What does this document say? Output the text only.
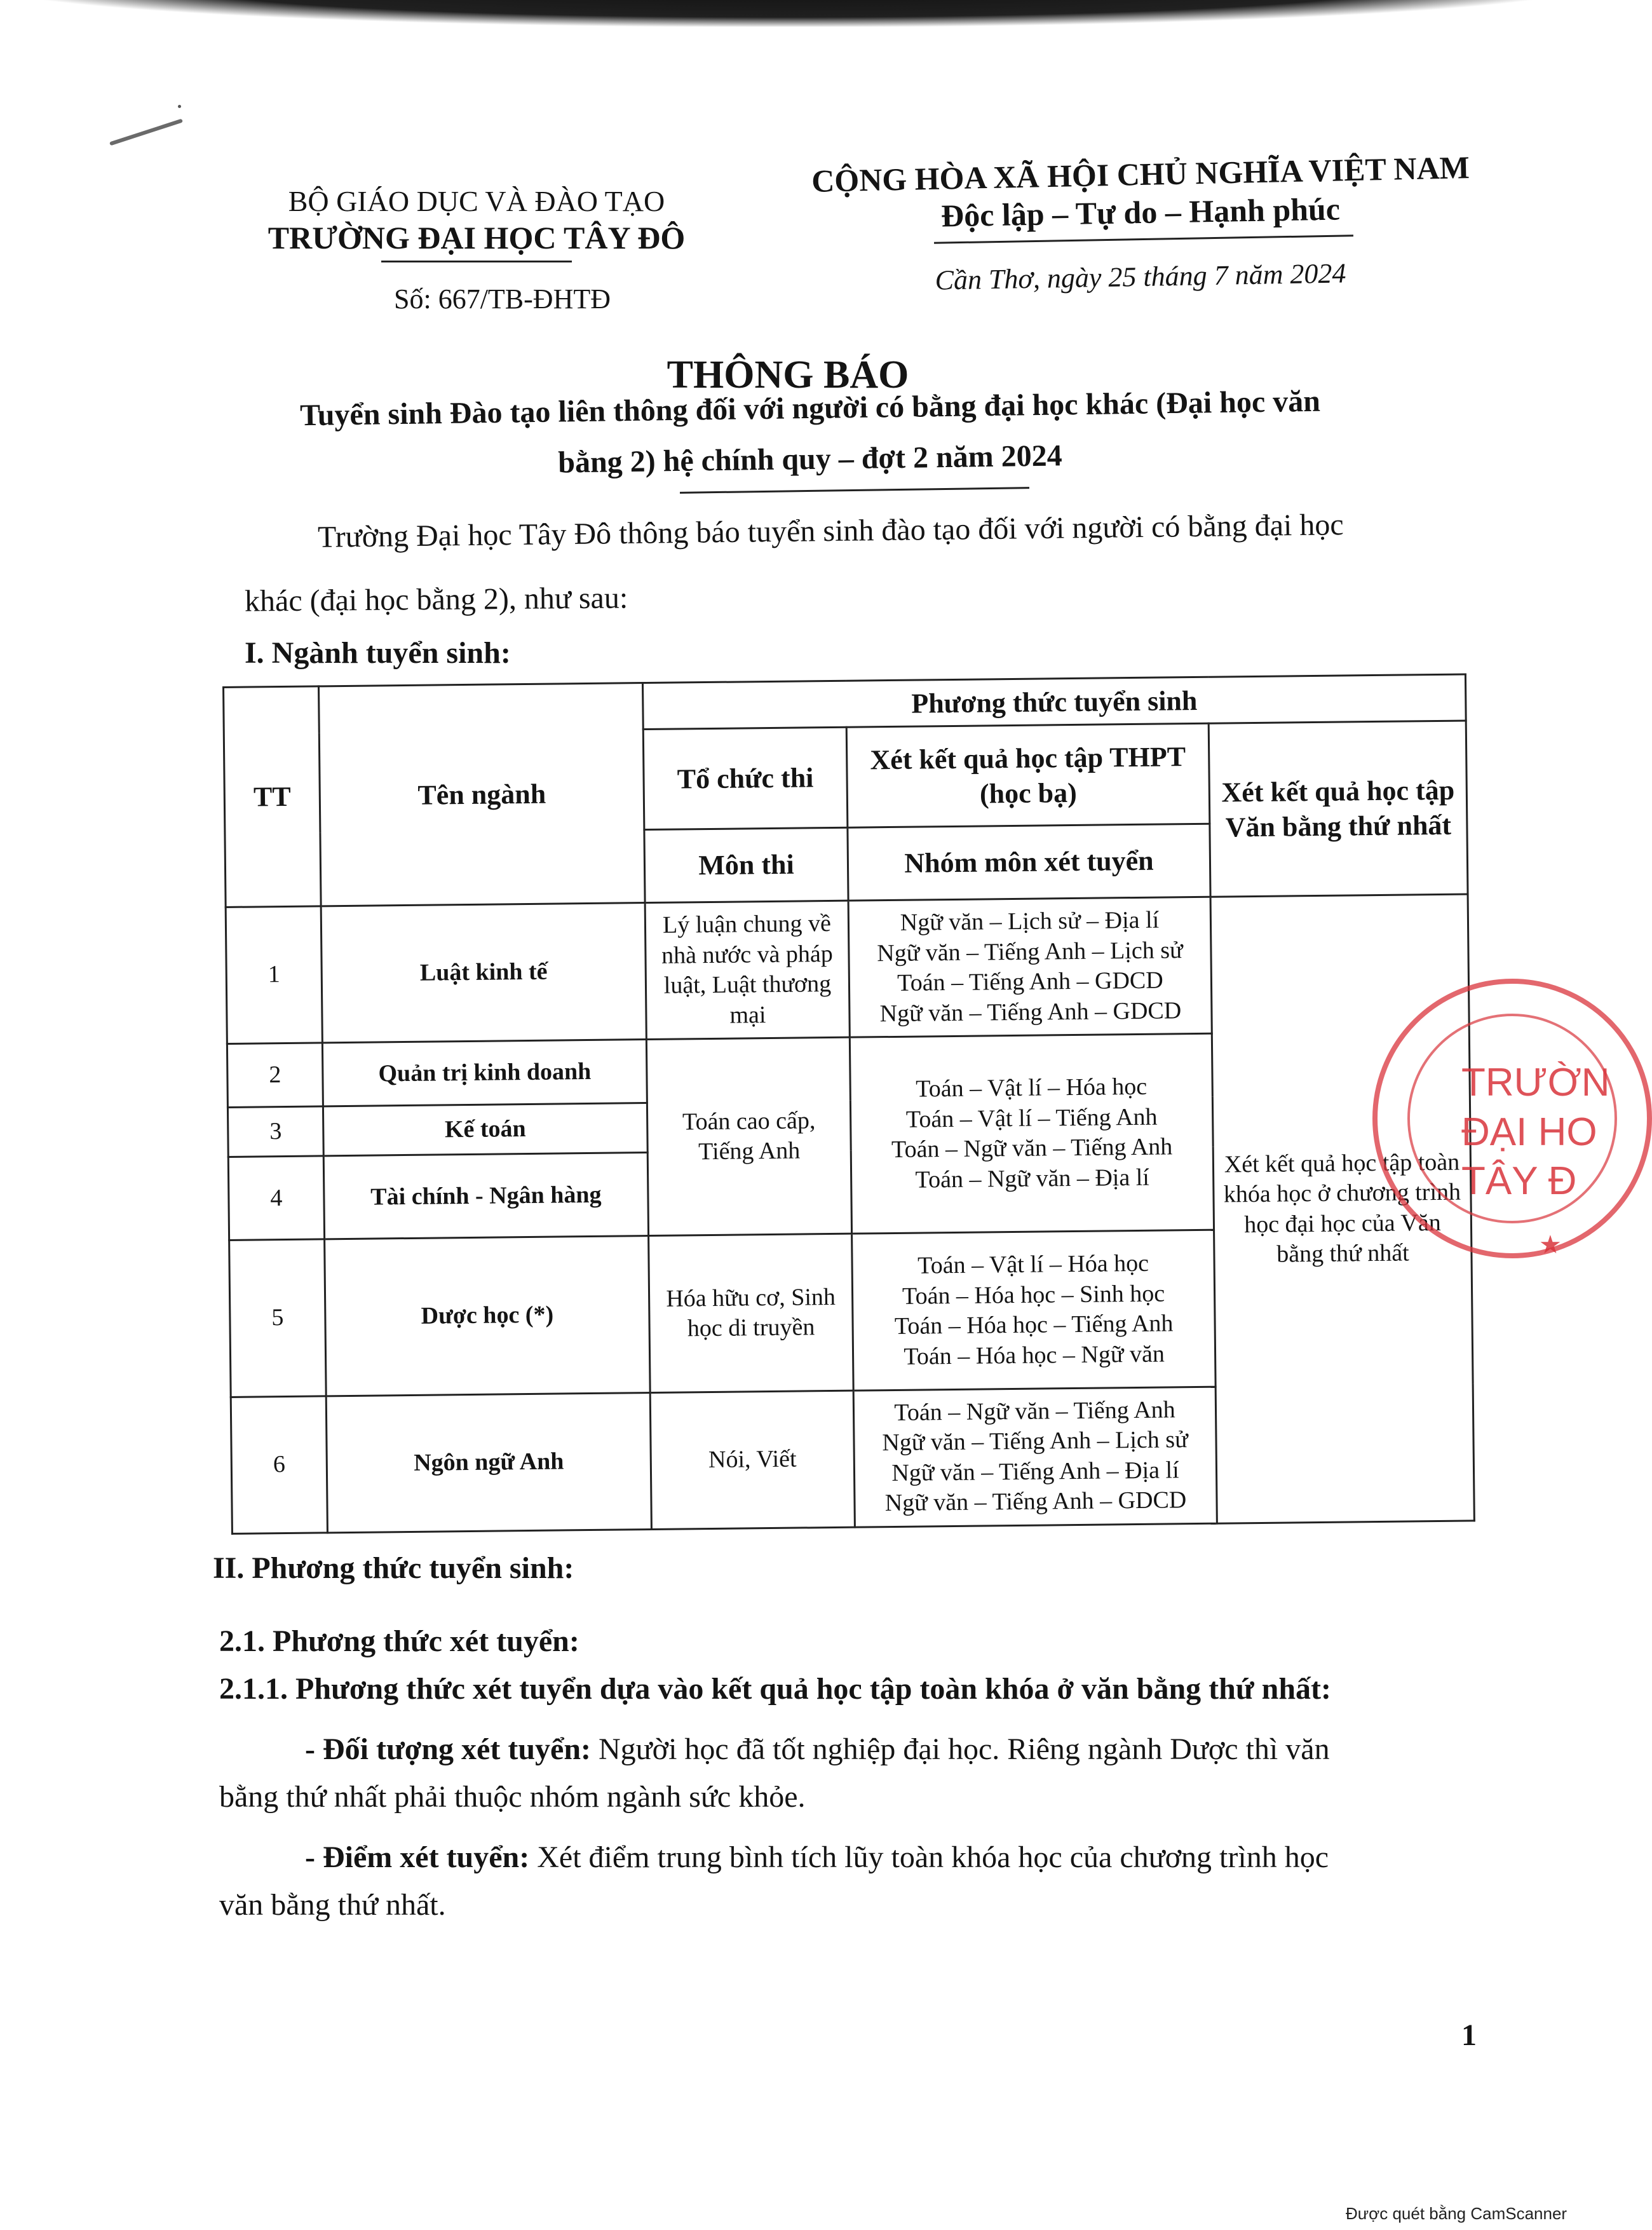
BỘ GIÁO DỤC VÀ ĐÀO TẠO
TRƯỜNG ĐẠI HỌC TÂY ĐÔ
Số: 667/TB-ĐHTĐ
CỘNG HÒA XÃ HỘI CHỦ NGHĨA VIỆT NAM
Độc lập – Tự do – Hạnh phúc
Cần Thơ, ngày 25 tháng 7 năm 2024
THÔNG BÁO
Tuyển sinh Đào tạo liên thông đối với người có bằng đại học khác (Đại học văn
bằng 2) hệ chính quy – đợt 2 năm 2024
Trường Đại học Tây Đô thông báo tuyển sinh đào tạo đối với người có bằng đại học
khác (đại học bằng 2), như sau:
I. Ngành tuyển sinh:
TT	Tên ngành	Phương thức tuyển sinh		
		Tổ chức thi	Xét kết quả học tập THPT (học bạ)	Xét kết quả học tập Văn bằng thứ nhất
		Môn thi	Nhóm môn xét tuyển	
1	Luật kinh tế	Lý luận chung về nhà nước và pháp luật, Luật thương mại	Ngữ văn – Lịch sử – Địa lí
Ngữ văn – Tiếng Anh – Lịch sử
Toán – Tiếng Anh – GDCD
Ngữ văn – Tiếng Anh – GDCD	Xét kết quả học tập toàn khóa học ở chương trình học đại học của Văn bằng thứ nhất
2	Quản trị kinh doanh	Toán cao cấp, Tiếng Anh	Toán – Vật lí – Hóa học
Toán – Vật lí – Tiếng Anh
Toán – Ngữ văn – Tiếng Anh
Toán – Ngữ văn – Địa lí	

3	Kế toán			
4	Tài chính - Ngân hàng			
5	Dược học (*)	Hóa hữu cơ, Sinh học di truyền	Toán – Vật lí – Hóa học
Toán – Hóa học – Sinh học
Toán – Hóa học – Tiếng Anh
Toán – Hóa học – Ngữ văn	

6	Ngôn ngữ Anh	Nói, Viết	Toán – Ngữ văn – Tiếng Anh
Ngữ văn – Tiếng Anh – Lịch sử
Ngữ văn – Tiếng Anh – Địa lí
Ngữ văn – Tiếng Anh – GDCD	
TRƯỜN
ĐẠI HO
TÂY Đ
★
II. Phương thức tuyển sinh:
2.1. Phương thức xét tuyển:
2.1.1. Phương thức xét tuyển dựa vào kết quả học tập toàn khóa ở văn bằng thứ nhất:
- Đối tượng xét tuyển: Người học đã tốt nghiệp đại học. Riêng ngành Dược thì văn
bằng thứ nhất phải thuộc nhóm ngành sức khỏe.
- Điểm xét tuyển: Xét điểm trung bình tích lũy toàn khóa học của chương trình học
văn bằng thứ nhất.
1
Được quét bằng CamScanner
